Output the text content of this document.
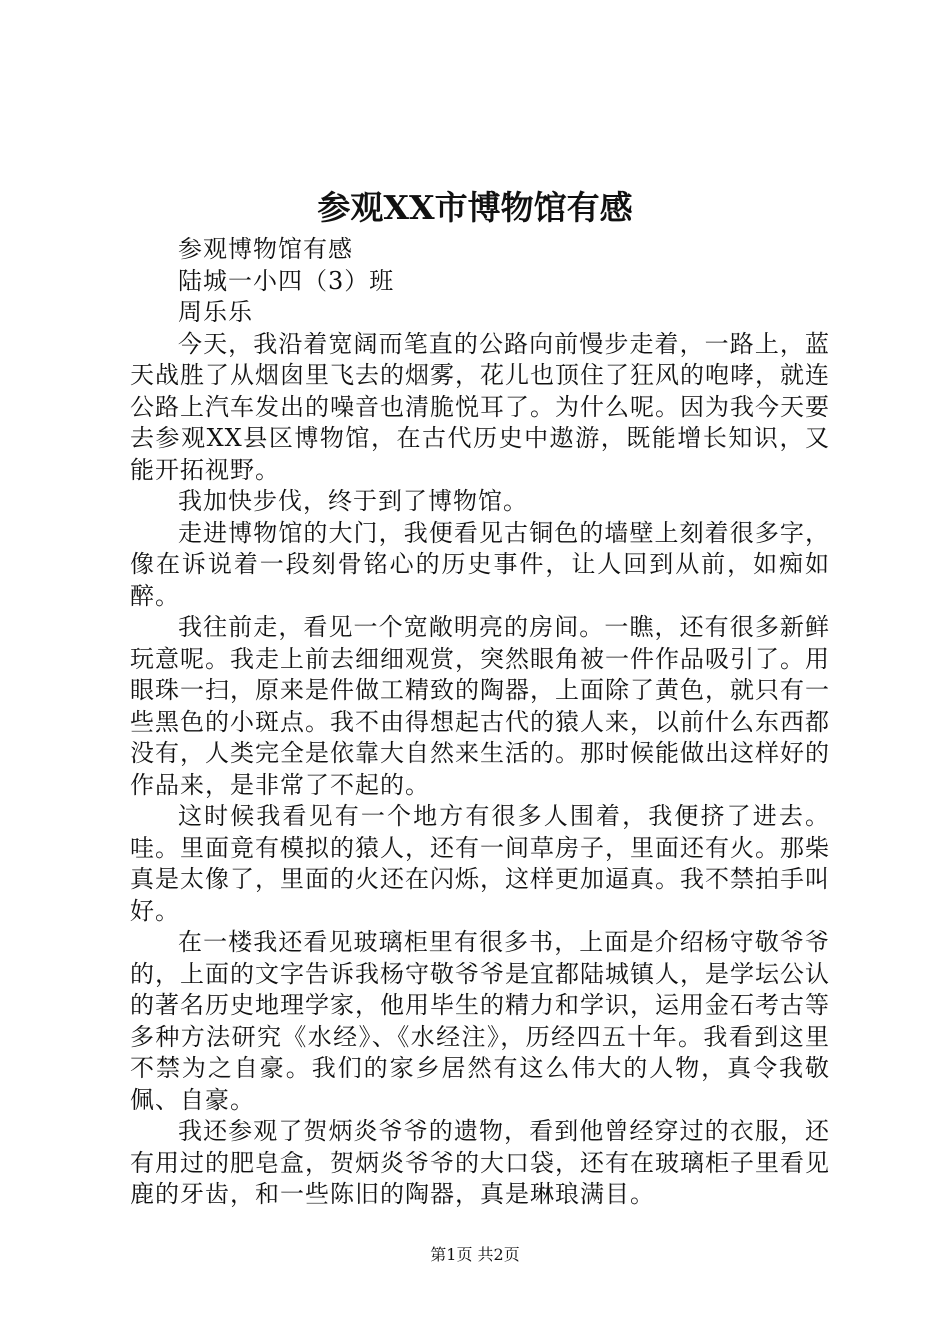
参观XX市博物馆有感

参观博物馆有感

陆城一小四（3）班

周乐乐

今天，我沿着宽阔而笔直的公路向前慢步走着，一路上，蓝天战胜了从烟囱里飞去的烟雾，花儿也顶住了狂风的咆哮，就连公路上汽车发出的噪音也清脆悦耳了。为什么呢。因为我今天要去参观XX县区博物馆，在古代历史中遨游，既能增长知识，又能开拓视野。

我加快步伐，终于到了博物馆。

走进博物馆的大门，我便看见古铜色的墙壁上刻着很多字，像在诉说着一段刻骨铭心的历史事件，让人回到从前，如痴如醉。

我往前走，看见一个宽敞明亮的房间。一瞧，还有很多新鲜玩意呢。我走上前去细细观赏，突然眼角被一件作品吸引了。用眼珠一扫，原来是件做工精致的陶器，上面除了黄色，就只有一些黑色的小斑点。我不由得想起古代的猿人来，以前什么东西都没有，人类完全是依靠大自然来生活的。那时候能做出这样好的作品来，是非常了不起的。

这时候我看见有一个地方有很多人围着，我便挤了进去。哇。里面竟有模拟的猿人，还有一间草房子，里面还有火。那柴真是太像了，里面的火还在闪烁，这样更加逼真。我不禁拍手叫好。

在一楼我还看见玻璃柜里有很多书，上面是介绍杨守敬爷爷的，上面的文字告诉我杨守敬爷爷是宜都陆城镇人，是学坛公认的著名历史地理学家，他用毕生的精力和学识，运用金石考古等多种方法研究《水经》、《水经注》，历经四五十年。我看到这里不禁为之自豪。我们的家乡居然有这么伟大的人物，真令我敬佩、自豪。

我还参观了贺炳炎爷爷的遗物，看到他曾经穿过的衣服，还有用过的肥皂盒，贺炳炎爷爷的大口袋，还有在玻璃柜子里看见鹿的牙齿，和一些陈旧的陶器，真是琳琅满目。

第1页 共2页
